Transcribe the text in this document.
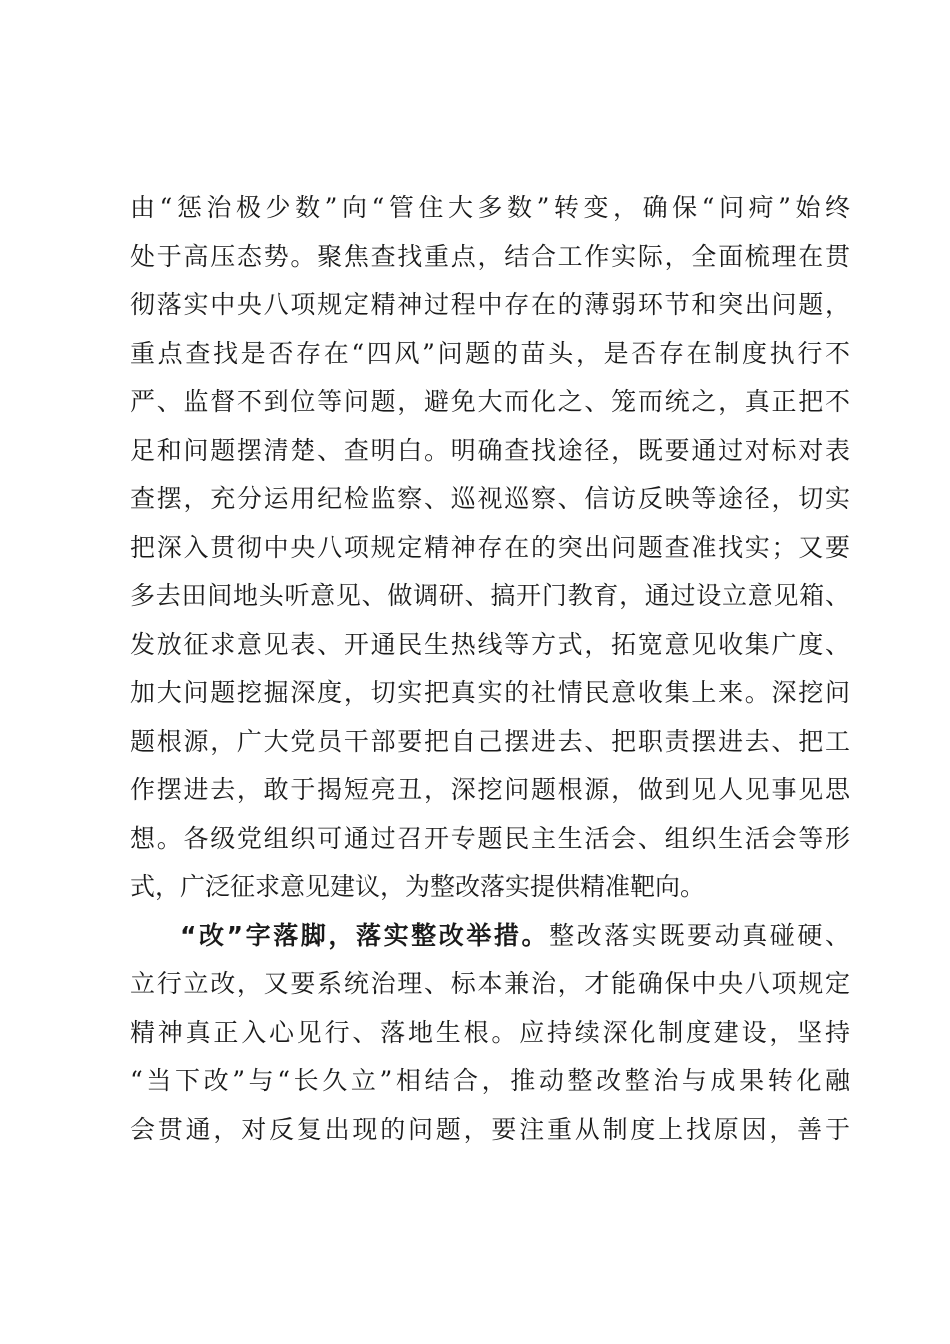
由“惩治极少数”向“管住大多数”转变，确保“问疴”始终
处于高压态势。聚焦查找重点，结合工作实际，全面梳理在贯
彻落实中央八项规定精神过程中存在的薄弱环节和突出问题，
重点查找是否存在“四风”问题的苗头，是否存在制度执行不
严、监督不到位等问题，避免大而化之、笼而统之，真正把不
足和问题摆清楚、查明白。明确查找途径，既要通过对标对表
查摆，充分运用纪检监察、巡视巡察、信访反映等途径，切实
把深入贯彻中央八项规定精神存在的突出问题查准找实；又要
多去田间地头听意见、做调研、搞开门教育，通过设立意见箱、
发放征求意见表、开通民生热线等方式，拓宽意见收集广度、
加大问题挖掘深度，切实把真实的社情民意收集上来。深挖问
题根源，广大党员干部要把自己摆进去、把职责摆进去、把工
作摆进去，敢于揭短亮丑，深挖问题根源，做到见人见事见思
想。各级党组织可通过召开专题民主生活会、组织生活会等形
式，广泛征求意见建议，为整改落实提供精准靶向。
“改”字落脚，落实整改举措。整改落实既要动真碰硬、
立行立改，又要系统治理、标本兼治，才能确保中央八项规定
精神真正入心见行、落地生根。应持续深化制度建设，坚持
“当下改”与“长久立”相结合，推动整改整治与成果转化融
会贯通，对反复出现的问题，要注重从制度上找原因，善于
